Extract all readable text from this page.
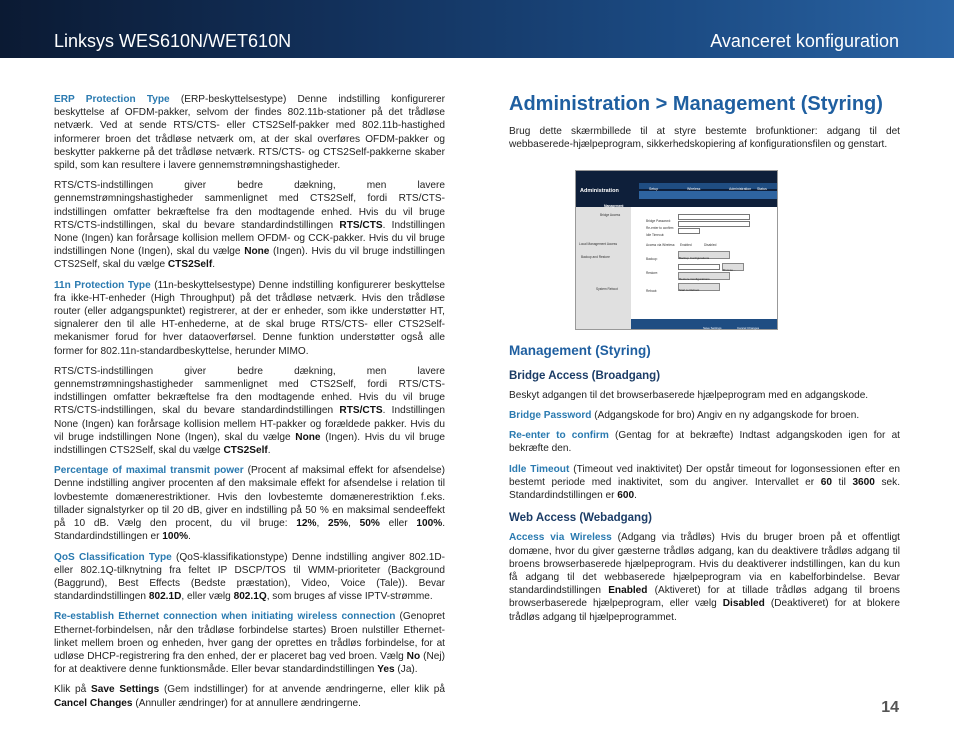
Linksys WES610N/WET610N	Avanceret konfiguration

ERP Protection Type (ERP-beskyttelsestype) Denne indstilling konfigurerer beskyttelse af OFDM-pakker, selvom der findes 802.11b-stationer på det trådløse netværk. Ved at sende RTS/CTS- eller CTS2Self-pakker med 802.11b-hastighed informerer broen det trådløse netværk om, at der skal overføres OFDM-pakker og beskytter pakkerne på det trådløse netværk. RTS/CTS- og CTS2Self-pakkerne skaber spild, som kan resultere i lavere gennemstrømningshastigheder.

RTS/CTS-indstillingen giver bedre dækning, men lavere gennemstrømningshastigheder sammenlignet med CTS2Self, fordi RTS/CTS-indstillingen omfatter bekræftelse fra den modtagende enhed. Hvis du vil bruge RTS/CTS-indstillingen, skal du bevare standardindstillingen RTS/CTS. Indstillingen None (Ingen) kan forårsage kollision mellem OFDM- og CCK-pakker. Hvis du vil bruge indstillingen None (Ingen), skal du vælge None (Ingen). Hvis du vil bruge indstillingen CTS2Self, skal du vælge CTS2Self.

11n Protection Type (11n-beskyttelsestype) Denne indstilling konfigurerer beskyttelse fra ikke-HT-enheder (High Throughput) på det trådløse netværk. Hvis den trådløse router (eller adgangspunktet) registrerer, at der er enheder, som ikke understøtter HT, signalerer den til alle HT-enhederne, at de skal bruge RTS/CTS- eller CTS2Self-mekanismer forud for hver dataoverførsel. Denne funktion understøtter også alle former for 802.11n-standardbeskyttelse, herunder MIMO.

RTS/CTS-indstillingen giver bedre dækning, men lavere gennemstrømningshastigheder sammenlignet med CTS2Self, fordi RTS/CTS-indstillingen omfatter bekræftelse fra den modtagende enhed. Hvis du vil bruge RTS/CTS-indstillingen, skal du bevare standardindstillingen RTS/CTS. Indstillingen None (Ingen) kan forårsage kollision mellem HT-pakker og forældede pakker. Hvis du vil bruge indstillingen None (Ingen), skal du vælge None (Ingen). Hvis du vil bruge indstillingen CTS2Self, skal du vælge CTS2Self.

Percentage of maximal transmit power (Procent af maksimal effekt for afsendelse) Denne indstilling angiver procenten af den maksimale effekt for afsendelse i relation til lovbestemte domænerestriktioner. Hvis den lovbestemte domænerestriktion f.eks. tillader signalstyrker op til 20 dB, giver en indstilling på 50 % en maksimal sendeeffekt på 10 dB. Vælg den procent, du vil bruge: 12%, 25%, 50% eller 100%. Standardindstillingen er 100%.

QoS Classification Type (QoS-klassifikationstype) Denne indstilling angiver 802.1D- eller 802.1Q-tilknytning fra feltet IP DSCP/TOS til WMM-prioriteter (Background (Baggrund), Best Effects (Bedste præstation), Video, Voice (Tale)). Bevar standardindstillingen 802.1D, eller vælg 802.1Q, som bruges af visse IPTV-strømme.

Re-establish Ethernet connection when initiating wireless connection (Genopret Ethernet-forbindelsen, når den trådløse forbindelse startes) Broen nulstiller Ethernet-linket mellem broen og enheden, hver gang der oprettes en trådløs forbindelse, for at udløse DHCP-registrering fra den enhed, der er placeret bag ved broen. Vælg No (Nej) for at deaktivere denne funktionsmåde. Eller bevar standardindstillingen Yes (Ja).

Klik på Save Settings (Gem indstillinger) for at anvende ændringerne, eller klik på Cancel Changes (Annuller ændringer) for at annullere ændringerne.

Administration > Management (Styring)

Brug dette skærmbillede til at styre bestemte brofunktioner: adgang til det webbaserede-hjælpeprogram, sikkerhedskopiering af konfigurationsfilen og genstart.

Administration	Setup	Wireless	Administration Status
Management
Bridge Access
Bridge Password:
Re-enter to confirm:
Idle Timeout:
Local Management Access	Access via Wireless: Enabled	Disabled
Backup and Restore	Backup:	Backup Configurations
Browse...
Restore:
Restore Configurations
System Reboot	Reboot:	Start to Reboot
Save Settings	Cancel Changes
Management (Styring)
Bridge Access (Broadgang)

Beskyt adgangen til det browserbaserede hjælpeprogram med en adgangskode.

Bridge Password (Adgangskode for bro) Angiv en ny adgangskode for broen.

Re-enter to confirm (Gentag for at bekræfte) Indtast adgangskoden igen for at bekræfte den.

Idle Timeout (Timeout ved inaktivitet) Der opstår timeout for logonsessionen efter en bestemt periode med inaktivitet, som du angiver. Intervallet er 60 til 3600 sek. Standardindstillingen er 600.

Web Access (Webadgang)

Access via Wireless (Adgang via trådløs) Hvis du bruger broen på et offentligt domæne, hvor du giver gæsterne trådløs adgang, kan du deaktivere trådløs adgang til broens browserbaserede hjælpeprogram. Hvis du deaktiverer indstillingen, kan du kun få adgang til det webbaserede hjælpeprogram via en kabelforbindelse. Bevar standardindstillingen Enabled (Aktiveret) for at tillade trådløs adgang til broens browserbaserede hjælpeprogram, eller vælg Disabled (Deaktiveret) for at blokere trådløs adgang til hjælpeprogrammet.

14
